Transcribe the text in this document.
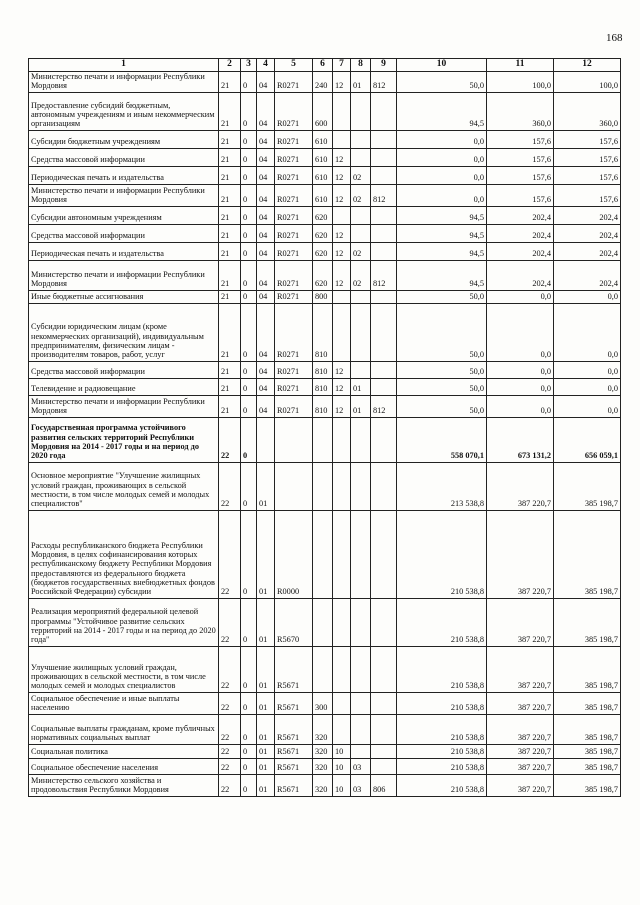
168
1	2	3	4	5	6	7	8	9	10	11	12
Министерство печати и информации Республики Мордовия	21	0	04	R0271	240	12	01	812	50,0	100,0	100,0
Предоставление субсидий бюджетным, автономным учреждениям и иным некоммерческим организациям	21	0	04	R0271	600				94,5	360,0	360,0
Субсидии бюджетным учреждениям	21	0	04	R0271	610				0,0	157,6	157,6
Средства массовой информации	21	0	04	R0271	610	12			0,0	157,6	157,6
Периодическая печать и издательства	21	0	04	R0271	610	12	02		0,0	157,6	157,6
Министерство печати и информации Республики Мордовия	21	0	04	R0271	610	12	02	812	0,0	157,6	157,6
Субсидии автономным учреждениям	21	0	04	R0271	620				94,5	202,4	202,4
Средства массовой информации	21	0	04	R0271	620	12			94,5	202,4	202,4
Периодическая печать и издательства	21	0	04	R0271	620	12	02		94,5	202,4	202,4
Министерство печати и информации Республики Мордовия	21	0	04	R0271	620	12	02	812	94,5	202,4	202,4
Иные бюджетные ассигнования	21	0	04	R0271	800				50,0	0,0	0,0
Субсидии юридическим лицам (кроме некоммерческих организаций), индивидуальным предпринимателям, физическим лицам - производителям товаров, работ, услуг	21	0	04	R0271	810				50,0	0,0	0,0
Средства массовой информации	21	0	04	R0271	810	12			50,0	0,0	0,0
Телевидение и радиовещание	21	0	04	R0271	810	12	01		50,0	0,0	0,0
Министерство печати и информации Республики Мордовия	21	0	04	R0271	810	12	01	812	50,0	0,0	0,0
Государственная программа устойчивого развития сельских территорий Республики Мордовия на 2014 - 2017 годы и на период до 2020 года	22	0							558 070,1	673 131,2	656 059,1
Основное мероприятие "Улучшение жилищных условий граждан, проживающих в сельской местности, в том числе молодых семей и молодых специалистов"	22	0	01						213 538,8	387 220,7	385 198,7
Расходы республиканского бюджета Республики Мордовия, в целях софинансирования которых республиканскому бюджету Республики Мордовия предоставляются из федерального бюджета (бюджетов государственных внебюджетных фондов Российской Федерации) субсидии	22	0	01	R0000					210 538,8	387 220,7	385 198,7
Реализация мероприятий федеральной целевой программы "Устойчивое развитие сельских территорий на 2014 - 2017 годы и на период до 2020 года"	22	0	01	R5670					210 538,8	387 220,7	385 198,7
Улучшение жилищных условий граждан, проживающих в сельской местности, в том числе молодых семей и молодых специалистов	22	0	01	R5671					210 538,8	387 220,7	385 198,7
Социальное обеспечение и иные выплаты населению	22	0	01	R5671	300				210 538,8	387 220,7	385 198,7
Социальные выплаты гражданам, кроме публичных нормативных социальных выплат	22	0	01	R5671	320				210 538,8	387 220,7	385 198,7
Социальная политика	22	0	01	R5671	320	10			210 538,8	387 220,7	385 198,7
Социальное обеспечение населения	22	0	01	R5671	320	10	03		210 538,8	387 220,7	385 198,7
Министерство сельского хозяйства и продовольствия Республики Мордовия	22	0	01	R5671	320	10	03	806	210 538,8	387 220,7	385 198,7
